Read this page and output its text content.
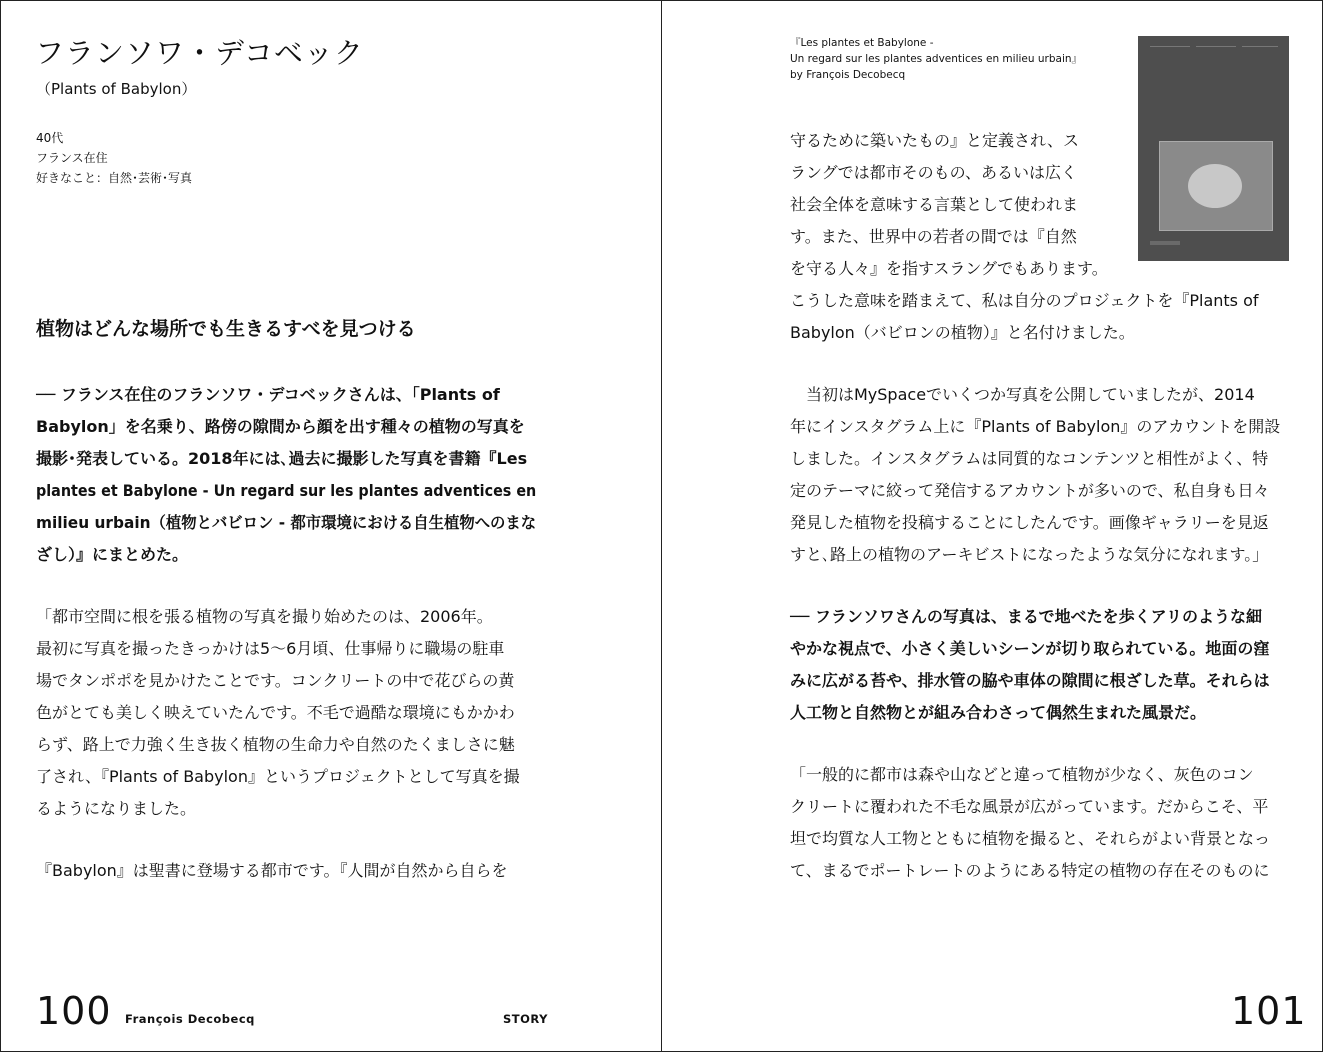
フランソワ・デコベック
（Plants of Babylon）
40代
フランス在住
好きなこと：自然･芸術･写真
植物はどんな場所でも生きるすべを見つける
── フランス在住のフランソワ・デコベックさんは、「Plants of
Babylon」を名乗り、路傍の隙間から顔を出す種々の植物の写真を
撮影･発表している。2018年には､過去に撮影した写真を書籍『Les
plantes et Babylone - Un regard sur les plantes adventices en
milieu urbain（植物とバビロン - 都市環境における自生植物へのまな
ざし）』にまとめた。
「都市空間に根を張る植物の写真を撮り始めたのは、2006年。
最初に写真を撮ったきっかけは5〜6月頃、仕事帰りに職場の駐車
場でタンポポを見かけたことです。コンクリートの中で花びらの黄
色がとても美しく映えていたんです。不毛で過酷な環境にもかかわ
らず、路上で力強く生き抜く植物の生命力や自然のたくましさに魅
了され、『Plants of Babylon』というプロジェクトとして写真を撮
るようになりました。
『Babylon』は聖書に登場する都市です。『人間が自然から自らを
100 François Decobecq	STORY
『Les plantes et Babylone -
Un regard sur les plantes adventices en milieu urbain』
by François Decobecq
守るために築いたもの』と定義され、ス
ラングでは都市そのもの、あるいは広く
社会全体を意味する言葉として使われま
す。また、世界中の若者の間では『自然
を守る人々』を指すスラングでもあります。
こうした意味を踏まえて、私は自分のプロジェクトを『Plants of
Babylon（バビロンの植物）』と名付けました。
当初はMySpaceでいくつか写真を公開していましたが、2014
年にインスタグラム上に『Plants of Babylon』のアカウントを開設
しました。インスタグラムは同質的なコンテンツと相性がよく、特
定のテーマに絞って発信するアカウントが多いので、私自身も日々
発見した植物を投稿することにしたんです。画像ギャラリーを見返
すと､路上の植物のアーキビストになったような気分になれます。」
── フランソワさんの写真は、まるで地べたを歩くアリのような細
やかな視点で、小さく美しいシーンが切り取られている。地面の窪
みに広がる苔や、排水管の脇や車体の隙間に根ざした草。それらは
人工物と自然物とが組み合わさって偶然生まれた風景だ。
「一般的に都市は森や山などと違って植物が少なく、灰色のコン
クリートに覆われた不毛な風景が広がっています。だからこそ、平
坦で均質な人工物とともに植物を撮ると、それらがよい背景となっ
て、まるでポートレートのようにある特定の植物の存在そのものに
101
